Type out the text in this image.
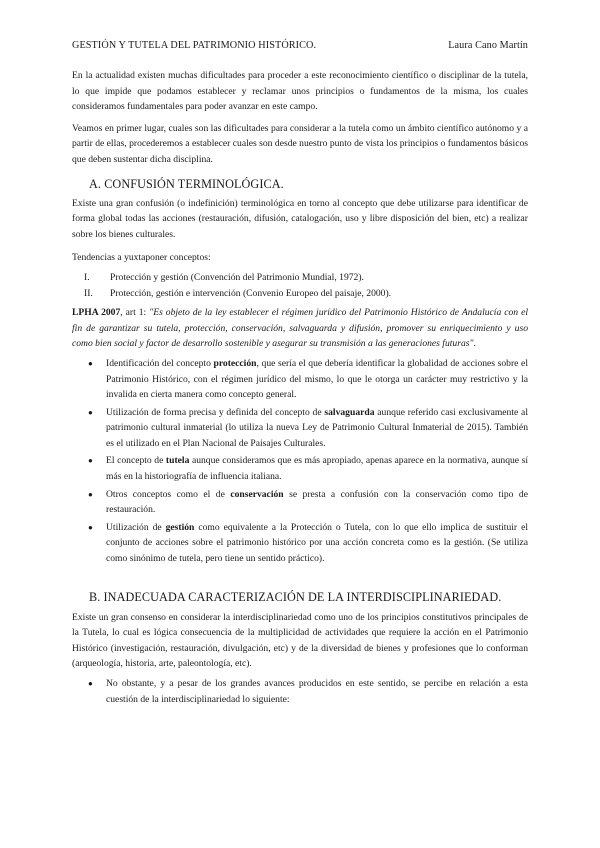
GESTIÓN Y TUTELA DEL PATRIMONIO HISTÓRICO.	Laura Cano Martín

En la actualidad existen muchas dificultades para proceder a este reconocimiento científico o disciplinar de la tutela, lo que impide que podamos establecer y reclamar unos principios o fundamentos de la misma, los cuales consideramos fundamentales para poder avanzar en este campo.

Veamos en primer lugar, cuales son las dificultades para considerar a la tutela como un ámbito científico autónomo y a partir de ellas, procederemos a establecer cuales son desde nuestro punto de vista los principios o fundamentos básicos que deben sustentar dicha disciplina.

A. CONFUSIÓN TERMINOLÓGICA.

Existe una gran confusión (o indefinición) terminológica en torno al concepto que debe utilizarse para identificar de forma global todas las acciones (restauración, difusión, catalogación, uso y libre disposición del bien, etc) a realizar sobre los bienes culturales.

Tendencias a yuxtaponer conceptos:

I.	Protección y gestión (Convención del Patrimonio Mundial, 1972).
II.	Protección, gestión e intervención (Convenio Europeo del paisaje, 2000).

LPHA 2007, art 1: "Es objeto de la ley establecer el régimen jurídico del Patrimonio Histórico de Andalucía con el fin de garantizar su tutela, protección, conservación, salvaguarda y difusión, promover su enriquecimiento y uso como bien social y factor de desarrollo sostenible y asegurar su transmisión a las generaciones futuras".

● Identificación del concepto protección, que sería el que debería identificar la globalidad de acciones sobre el Patrimonio Histórico, con el régimen jurídico del mismo, lo que le otorga un carácter muy restrictivo y la invalida en cierta manera como concepto general.
● Utilización de forma precisa y definida del concepto de salvaguarda aunque referido casi exclusivamente al patrimonio cultural inmaterial (lo utiliza la nueva Ley de Patrimonio Cultural Inmaterial de 2015). También es el utilizado en el Plan Nacional de Paisajes Culturales.
● El concepto de tutela aunque consideramos que es más apropiado, apenas aparece en la normativa, aunque sí más en la historiografía de influencia italiana.
● Otros conceptos como el de conservación se presta a confusión con la conservación como tipo de restauración.
● Utilización de gestión como equivalente a la Protección o Tutela, con lo que ello implica de sustituir el conjunto de acciones sobre el patrimonio histórico por una acción concreta como es la gestión. (Se utiliza como sinónimo de tutela, pero tiene un sentido práctico).
B. INADECUADA CARACTERIZACIÓN DE LA INTERDISCIPLINARIEDAD.

Existe un gran consenso en considerar la interdisciplinariedad como uno de los principios constitutivos principales de la Tutela, lo cual es lógica consecuencia de la multiplicidad de actividades que requiere la acción en el Patrimonio Histórico (investigación, restauración, divulgación, etc) y de la diversidad de bienes y profesiones que lo conforman (arqueología, historia, arte, paleontología, etc).

● No obstante, y a pesar de los grandes avances producidos en este sentido, se percibe en relación a esta cuestión de la interdisciplinariedad lo siguiente:
